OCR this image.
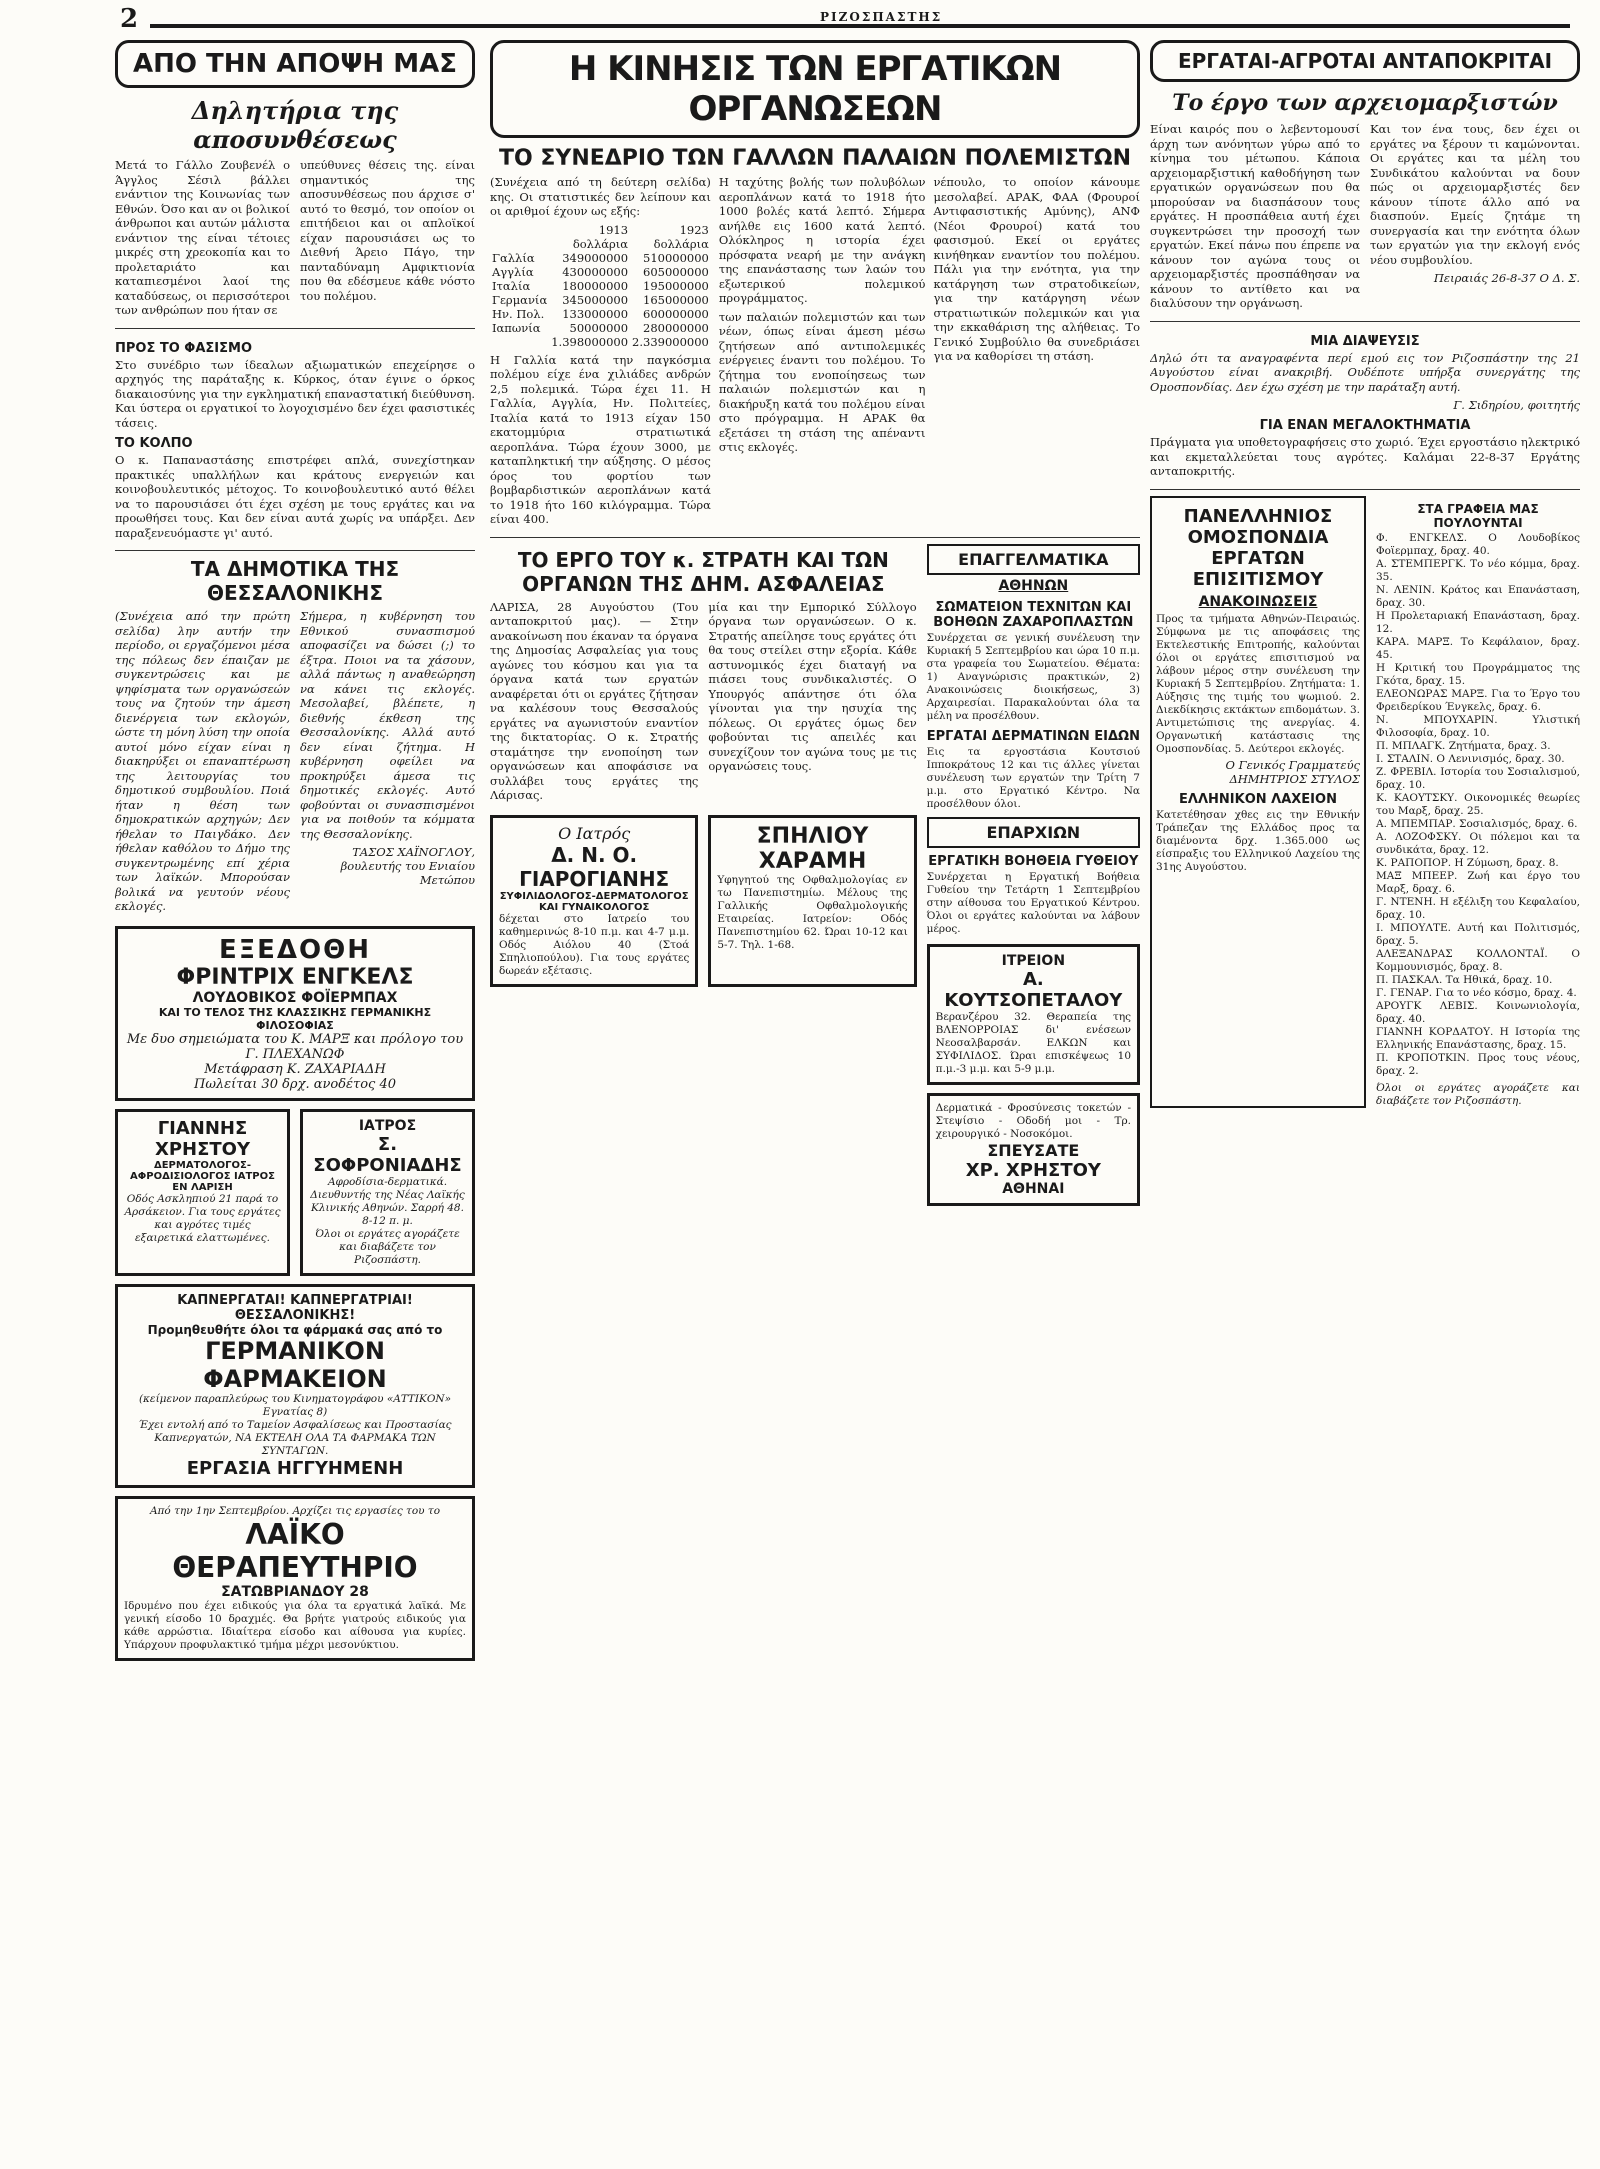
2	ΡΙΖΟΣΠΑΣΤΗΣ
ΑΠΟ ΤΗΝ ΑΠΟΨΗ ΜΑΣ
Δηλητήρια της αποσυνθέσεως
Μετά το Γάλλο Ζουβενέλ ο Άγγλος Σέσιλ βάλλει ενάντιον της Κοινωνίας των Εθνών. Όσο και αν οι βολικοί άνθρωποι και αυτών μάλιστα ενάντιον της είναι τέτοιες μικρές στη χρεοκοπία και το προλεταριάτο και καταπιεσμένοι λαοί της καταδύσεως, οι περισσότεροι των ανθρώπων που ήταν σε
υπεύθυνες θέσεις της. είναι σημαντικός της αποσυνθέσεως που άρχισε σ' αυτό το θεσμό, τον οποίον οι επιτήδειοι και οι απλοϊκοί είχαν παρουσιάσει ως το Διεθνή Άρειο Πάγο, την πανταδύναμη Αμφικτιονία που θα εδέσμευε κάθε νόστο του πολέμου.
ΠΡΟΣ ΤΟ ΦΑΣΙΣΜΟ
Στο συνέδριο των ίδεαλων αξιωματικών επεχείρησε ο αρχηγός της παράταξης κ. Κύρκος, όταν έγινε ο όρκος διακαιοσύνης για την εγκληματική επαναστατική διεύθυνση. Και ύστερα οι εργατικοί το λογοχισμένο δεν έχει φασιστικές τάσεις.
ΤΟ ΚΟΛΠΟ
Ο κ. Παπαναστάσης επιστρέφει απλά, συνεχίστηκαν πρακτικές υπαλλήλων και κράτους ενεργειών και κοινοβουλευτικός μέτοχος. Το κοινοβουλευτικό αυτό θέλει να το παρουσιάσει ότι έχει σχέση με τους εργάτες και να προωθήσει τους. Και δεν είναι αυτά χωρίς να υπάρξει. Δεν παραξενευόμαστε γι' αυτό.
ΤΑ ΔΗΜΟΤΙΚΑ ΤΗΣ ΘΕΣΣΑΛΟΝΙΚΗΣ
(Συνέχεια από την πρώτη σελίδα) λην αυτήν την περίοδο, οι εργαζόμενοι μέσα της πόλεως δεν έπαιζαν με συγκεντρώσεις και με ψηφίσματα των οργανώσεών τους να ζητούν την άμεση διενέργεια των εκλογών, ώστε τη μόνη λύση την οποία αυτοί μόνο είχαν είναι η διακηρύξει οι επαναπτέρωση της λειτουργίας του δημοτικού συμβουλίου. Ποιά ήταν η θέση των δημοκρατικών αρχηγών; Δεν ήθελαν το Παιγδάκο. Δεν ήθελαν καθόλου το Δήμο της συγκεντρωμένης επί χέρια των λαϊκών. Μπορούσαν βολικά να γευτούν νέους εκλογές.
Σήμερα, η κυβέρνηση του Εθνικού συνασπισμού αποφασίζει να δώσει (;) το έξτρα. Ποιοι να τα χάσουν, αλλά πάντως η αναθεώρηση να κάνει τις εκλογές. Μεσολαβεί, βλέπετε, η διεθνής έκθεση της Θεσσαλονίκης. Αλλά αυτό δεν είναι ζήτημα. Η κυβέρνηση οφείλει να προκηρύξει άμεσα τις δημοτικές εκλογές. Αυτό φοβούνται οι συνασπισμένοι για να ποιθούν τα κόμματα της Θεσσαλονίκης.
ΤΑΣΟΣ ΧΑΪΝΟΓΛΟΥ, βουλευτής του Ενιαίου Μετώπου
ΕΞΕΔΟΘΗ
ΦΡΙΝΤΡΙΧ ΕΝΓΚΕΛΣ
ΛΟΥΔΟΒΙΚΟΣ ΦΟΪΕΡΜΠΑΧ
ΚΑΙ ΤΟ ΤΕΛΟΣ ΤΗΣ ΚΛΑΣΣΙΚΗΣ ΓΕΡΜΑΝΙΚΗΣ ΦΙΛΟΣΟΦΙΑΣ
Με δυο σημειώματα του Κ. ΜΑΡΞ και πρόλογο του Γ. ΠΛΕΧΑΝΩΦ
Μετάφραση Κ. ΖΑΧΑΡΙΑΔΗ
Πωλείται 30 δρχ. ανοδέτος 40
ΓΙΑΝΝΗΣ ΧΡΗΣΤΟΥ
ΔΕΡΜΑΤΟΛΟΓΟΣ-ΑΦΡΟΔΙΣΙΟΛΟΓΟΣ ΙΑΤΡΟΣ ΕΝ ΛΑΡΙΣΗ
Οδός Ασκληπιού 21 παρά το Αρσάκειον. Για τους εργάτες και αγρότες τιμές εξαιρετικά ελαττωμένες.
ΙΑΤΡΟΣ
Σ. ΣΟΦΡΟΝΙΑΔΗΣ
Αφροδίσια-δερματικά. Διευθυντής της Νέας Λαϊκής Κλινικής Αθηνών. Σαρρή 48. 8-12 π. μ.
Όλοι οι εργάτες αγοράζετε και διαβάζετε τον Ριζοσπάστη.
ΚΑΠΝΕΡΓΑΤΑΙ! ΚΑΠΝΕΡΓΑΤΡΙΑΙ! ΘΕΣΣΑΛΟΝΙΚΗΣ!
Προμηθευθήτε όλοι τα φάρμακά σας από το
ΓΕΡΜΑΝΙΚΟΝ ΦΑΡΜΑΚΕΙΟΝ
(κείμενον παραπλεύρως του Κινηματογράφου «ΑΤΤΙΚΟΝ» Εγνατίας 8)
Έχει εντολή από το Ταμείον Ασφαλίσεως και Προστασίας Καπνεργατών, ΝΑ ΕΚΤΕΛΗ ΟΛΑ ΤΑ ΦΑΡΜΑΚΑ ΤΩΝ ΣΥΝΤΑΓΩΝ.
ΕΡΓΑΣΙΑ ΗΓΓΥΗΜΕΝΗ
Από την 1ην Σεπτεμβρίου. Αρχίζει τις εργασίες του το
ΛΑΪΚΟ ΘΕΡΑΠΕΥΤΗΡΙΟ
ΣΑΤΩΒΡΙΑΝΔΟΥ 28
Ιδρυμένο που έχει ειδικούς για όλα τα εργατικά λαϊκά. Με γενική είσοδο 10 δραχμές. Θα βρήτε γιατρούς ειδικούς για κάθε αρρώστια. Ιδιαίτερα είσοδο και αίθουσα για κυρίες. Υπάρχουν προφυλακτικό τμήμα μέχρι μεσονύκτιου.
Η ΚΙΝΗΣΙΣ ΤΩΝ ΕΡΓΑΤΙΚΩΝ ΟΡΓΑΝΩΣΕΩΝ
ΤΟ ΣΥΝΕΔΡΙΟ ΤΩΝ ΓΑΛΛΩΝ ΠΑΛΑΙΩΝ ΠΟΛΕΜΙΣΤΩΝ
(Συνέχεια από τη δεύτερη σελίδα) κης. Οι στατιστικές δεν λείπουν και οι αριθμοί έχουν ως εξής:
	1913	1923
	δολλάρια	δολλάρια
Γαλλία	349000000	510000000
Αγγλία	430000000	605000000
Ιταλία	180000000	195000000
Γερμανία	345000000	165000000
Ην. Πολ.	133000000	600000000
Ιαπωνία	50000000	280000000
	1.398000000	2.339000000
Η Γαλλία κατά την παγκόσμια πολέμου είχε ένα χιλιάδες ανδρών 2,5 πολεμικά. Τώρα έχει 11. Η Γαλλία, Αγγλία, Ην. Πολιτείες, Ιταλία κατά το 1913 είχαν 150 εκατομμύρια στρατιωτικά αεροπλάνα. Τώρα έχουν 3000, με καταπληκτική την αύξησης. Ο μέσος όρος του φορτίου των βομβαρδιστικών αεροπλάνων κατά το 1918 ήτο 160 κιλόγραμμα. Τώρα είναι 400.
Η ταχύτης βολής των πολυβόλων αεροπλάνων κατά το 1918 ήτο 1000 βολές κατά λεπτό. Σήμερα ανήλθε εις 1600 κατά λεπτό. Ολόκληρος η ιστορία έχει πρόσφατα νεαρή με την ανάγκη της επανάστασης των λαών του εξωτερικού πολεμικού προγράμματος.
των παλαιών πολεμιστών και των νέων, όπως είναι άμεση μέσω ζητήσεων από αντιπολεμικές ενέργειες έναντι του πολέμου. Το ζήτημα του ενοποίησεως των παλαιών πολεμιστών και η διακήρυξη κατά του πολέμου είναι στο πρόγραμμα. Η ΑΡΑΚ θα εξετάσει τη στάση της απέναντι στις εκλογές.
νέπουλο, το οποίον κάνουμε μεσολαβεί. ΑΡΑΚ, ΦΑΑ (Φρουροί Αντιφασιστικής Αμύνης), ΑΝΦ (Νέοι Φρουροί) κατά του φασισμού. Εκεί οι εργάτες κινήθηκαν εναντίον του πολέμου. Πάλι για την ενότητα, για την κατάργηση των στρατοδικείων, για την κατάργηση νέων στρατιωτικών πολεμικών και για την εκκαθάριση της αλήθειας. Το Γενικό Συμβούλιο θα συνεδριάσει για να καθορίσει τη στάση.
ΤΟ ΕΡΓΟ ΤΟΥ κ. ΣΤΡΑΤΗ ΚΑΙ ΤΩΝ ΟΡΓΑΝΩΝ ΤΗΣ ΔΗΜ. ΑΣΦΑΛΕΙΑΣ
ΛΑΡΙΣΑ, 28 Αυγούστου (Του ανταποκριτού μας). — Στην ανακοίνωση που έκαναν τα όργανα της Δημοσίας Ασφαλείας για τους αγώνες του κόσμου και για τα όργανα κατά των εργατών αναφέρεται ότι οι εργάτες ζήτησαν να καλέσουν τους Θεσσαλούς εργάτες να αγωνιστούν εναντίον της δικτατορίας. Ο κ. Στρατής σταμάτησε την ενοποίηση των οργανώσεων και αποφάσισε να συλλάβει τους εργάτες της Λάρισας.
μία και την Εμπορικό Σύλλογο όργανα των οργανώσεων. Ο κ. Στρατής απείλησε τους εργάτες ότι θα τους στείλει στην εξορία. Κάθε αστυνομικός έχει διαταγή να πιάσει τους συνδικαλιστές. Ο Υπουργός απάντησε ότι όλα γίνονται για την ησυχία της πόλεως. Οι εργάτες όμως δεν φοβούνται τις απειλές και συνεχίζουν τον αγώνα τους με τις οργανώσεις τους.
Ο Ιατρός
Δ. Ν. Ο. ΓΙΑΡΟΓΙΑΝΗΣ
ΣΥΦΙΛΙΔΟΛΟΓΟΣ-ΔΕΡΜΑΤΟΛΟΓΟΣ ΚΑΙ ΓΥΝΑΙΚΟΛΟΓΟΣ
δέχεται στο Ιατρείο του καθημερινώς 8-10 π.μ. και 4-7 μ.μ. Οδός Αιόλου 40 (Στοά Σπηλιοπούλου). Για τους εργάτες δωρεάν εξέτασις.
ΣΠΗΛΙΟΥ ΧΑΡΑΜΗ
Υφηγητού της Οφθαλμολογίας εν τω Πανεπιστημίω. Μέλους της Γαλλικής Οφθαλμολογικής Εταιρείας. Ιατρείον: Οδός Πανεπιστημίου 62. Ώραι 10-12 και 5-7. Τηλ. 1-68.
ΕΠΑΓΓΕΛΜΑΤΙΚΑ
ΑΘΗΝΩΝ
ΣΩΜΑΤΕΙΟΝ ΤΕΧΝΙΤΩΝ ΚΑΙ ΒΟΗΘΩΝ ΖΑΧΑΡΟΠΛΑΣΤΩΝ
Συνέρχεται σε γενική συνέλευση την Κυριακή 5 Σεπτεμβρίου και ώρα 10 π.μ. στα γραφεία του Σωματείου. Θέματα: 1) Αναγνώρισις πρακτικών, 2) Ανακοινώσεις διοικήσεως, 3) Αρχαιρεσίαι. Παρακαλούνται όλα τα μέλη να προσέλθουν.
ΕΡΓΑΤΑΙ ΔΕΡΜΑΤΙΝΩΝ ΕΙΔΩΝ
Εις τα εργοστάσια Κουτσιού Ιπποκράτους 12 και τις άλλες γίνεται συνέλευση των εργατών την Τρίτη 7 μ.μ. στο Εργατικό Κέντρο. Να προσέλθουν όλοι.
ΕΠΑΡΧΙΩΝ
ΕΡΓΑΤΙΚΗ ΒΟΗΘΕΙΑ ΓΥΘΕΙΟΥ
Συνέρχεται η Εργατική Βοήθεια Γυθείου την Τετάρτη 1 Σεπτεμβρίου στην αίθουσα του Εργατικού Κέντρου. Όλοι οι εργάτες καλούνται να λάβουν μέρος.
ΙΤΡΕΙΟΝ
Α. ΚΟΥΤΣΟΠΕΤΑΛΟΥ
Βερανζέρου 32. Θεραπεία της ΒΛΕΝΟΡΡΟΙΑΣ δι' ενέσεων Νεοσαλβαρσάν. ΕΛΚΩΝ και ΣΥΦΙΛΙΔΟΣ. Ώραι επισκέψεως 10 π.μ.-3 μ.μ. και 5-9 μ.μ.
Δερματικά - Φροσύνεσις τοκετών - Στεψίσιο - Οδοδή μοι - Τρ. χειρουργικό - Νοσοκόμοι.
ΣΠΕΥΣΑΤΕ
ΧΡ. ΧΡΗΣΤΟΥ
ΑΘΗΝΑΙ
ΕΡΓΑΤΑΙ-ΑΓΡΟΤΑΙ ΑΝΤΑΠΟΚΡΙΤΑΙ
Το έργο των αρχειομαρξιστών
Είναι καιρός που ο λεβεντομουσί άρχη των ανόνητων γύρω από το κίνημα του μέτωπου. Κάποια αρχειομαρξιστική καθοδήγηση των εργατικών οργανώσεων που θα μπορούσαν να διασπάσουν τους εργάτες. Η προσπάθεια αυτή έχει συγκεντρώσει την προσοχή των εργατών. Εκεί πάνω που έπρεπε να κάνουν τον αγώνα τους οι αρχειομαρξιστές προσπάθησαν να κάνουν το αντίθετο και να διαλύσουν την οργάνωση.
Και τον ένα τους, δεν έχει οι εργάτες να ξέρουν τι καμώνονται. Οι εργάτες και τα μέλη του Συνδικάτου καλούνται να δουν πώς οι αρχειομαρξιστές δεν κάνουν τίποτε άλλο από να διασπούν. Εμείς ζητάμε τη συνεργασία και την ενότητα όλων των εργατών για την εκλογή ενός νέου συμβουλίου.
Πειραιάς 26-8-37 Ο Δ. Σ.
ΜΙΑ ΔΙΑΨΕΥΣΙΣ
Δηλώ ότι τα αναγραφέντα περί εμού εις τον Ριζοσπάστην της 21 Αυγούστου είναι ανακριβή. Ουδέποτε υπήρξα συνεργάτης της Ομοσπονδίας. Δεν έχω σχέση με την παράταξη αυτή.
Γ. Σιδηρίου, φοιτητής
ΓΙΑ ΕΝΑΝ ΜΕΓΑΛΟΚΤΗΜΑΤΙΑ
Πράγματα για υποθετογραφήσεις στο χωριό. Έχει εργοστάσιο ηλεκτρικό και εκμεταλλεύεται τους αγρότες. Καλάμαι 22-8-37 Εργάτης ανταποκριτής.
ΠΑΝΕΛΛΗΝΙΟΣ ΟΜΟΣΠΟΝΔΙΑ ΕΡΓΑΤΩΝ ΕΠΙΣΙΤΙΣΜΟΥ
ΑΝΑΚΟΙΝΩΣΕΙΣ
Προς τα τμήματα Αθηνών-Πειραιώς. Σύμφωνα με τις αποφάσεις της Εκτελεστικής Επιτροπής, καλούνται όλοι οι εργάτες επισιτισμού να λάβουν μέρος στην συνέλευση την Κυριακή 5 Σεπτεμβρίου. Ζητήματα: 1. Αύξησις της τιμής του ψωμιού. 2. Διεκδίκησις εκτάκτων επιδομάτων. 3. Αντιμετώπισις της ανεργίας. 4. Οργανωτική κατάστασις της Ομοσπονδίας. 5. Δεύτεροι εκλογές.
Ο Γενικός Γραμματεύς ΔΗΜΗΤΡΙΟΣ ΣΤΥΛΟΣ
ΕΛΛΗΝΙΚΟΝ ΛΑΧΕΙΟΝ
Κατετέθησαν χθες εις την Εθνικήν Τράπεζαν της Ελλάδος προς τα διαμένοντα δρχ. 1.365.000 ως είσπραξις του Ελληνικού Λαχείου της 31ης Αυγούστου.
ΣΤΑ ΓΡΑΦΕΙΑ ΜΑΣ ΠΟΥΛΟΥΝΤΑΙ
Φ. ΕΝΓΚΕΛΣ. Ο Λουδοβίκος Φοϊερμπαχ, δραχ. 40.
Α. ΣΤΕΜΠΕΡΓΚ. Το νέο κόμμα, δραχ. 35.
Ν. ΛΕΝΙΝ. Κράτος και Επανάσταση, δραχ. 30.
Η Προλεταριακή Επανάσταση, δραχ. 12.
ΚΑΡΑ. ΜΑΡΞ. Το Κεφάλαιον, δραχ. 45.
Η Κριτική του Προγράμματος της Γκότα, δραχ. 15.
ΕΛΕΟΝΩΡΑΣ ΜΑΡΞ. Για το Έργο του Φρειδερίκου Ένγκελς, δραχ. 6.
Ν. ΜΠΟΥΧΑΡΙΝ. Υλιστική Φιλοσοφία, δραχ. 10.
Π. ΜΠΛΑΓΚ. Ζητήματα, δραχ. 3.
Ι. ΣΤΑΛΙΝ. Ο Λενινισμός, δραχ. 30.
Ζ. ΦΡΕΒΙΛ. Ιστορία του Σοσιαλισμού, δραχ. 10.
Κ. ΚΑΟΥΤΣΚΥ. Οικονομικές θεωρίες του Μαρξ, δραχ. 25.
Α. ΜΠΕΜΠΑΡ. Σοσιαλισμός, δραχ. 6.
Α. ΛΟΖΟΦΣΚΥ. Οι πόλεμοι και τα συνδικάτα, δραχ. 12.
Κ. ΡΑΠΟΠΟΡ. Η Ζύμωση, δραχ. 8.
ΜΑΞ ΜΠΕΕΡ. Ζωή και έργο του Μαρξ, δραχ. 6.
Γ. ΝΤΕΝΗ. Η εξέλιξη του Κεφαλαίου, δραχ. 10.
Ι. ΜΠΟΥΛΤΕ. Αυτή και Πολιτισμός, δραχ. 5.
ΑΛΕΞΑΝΔΡΑΣ ΚΟΛΛΟΝΤΑΪ. Ο Κομμουνισμός, δραχ. 8.
Π. ΠΑΣΚΑΛ. Τα Ηθικά, δραχ. 10.
Γ. ΓΕΝΑΡ. Για το νέο κόσμο, δραχ. 4.
ΑΡΟΥΓΚ ΛΕΒΙΣ. Κοινωνιολογία, δραχ. 40.
ΓΙΑΝΝΗ ΚΟΡΔΑΤΟΥ. Η Ιστορία της Ελληνικής Επανάστασης, δραχ. 15.
Π. ΚΡΟΠΟΤΚΙΝ. Προς τους νέους, δραχ. 2.
Όλοι οι εργάτες αγοράζετε και διαβάζετε τον Ριζοσπάστη.
